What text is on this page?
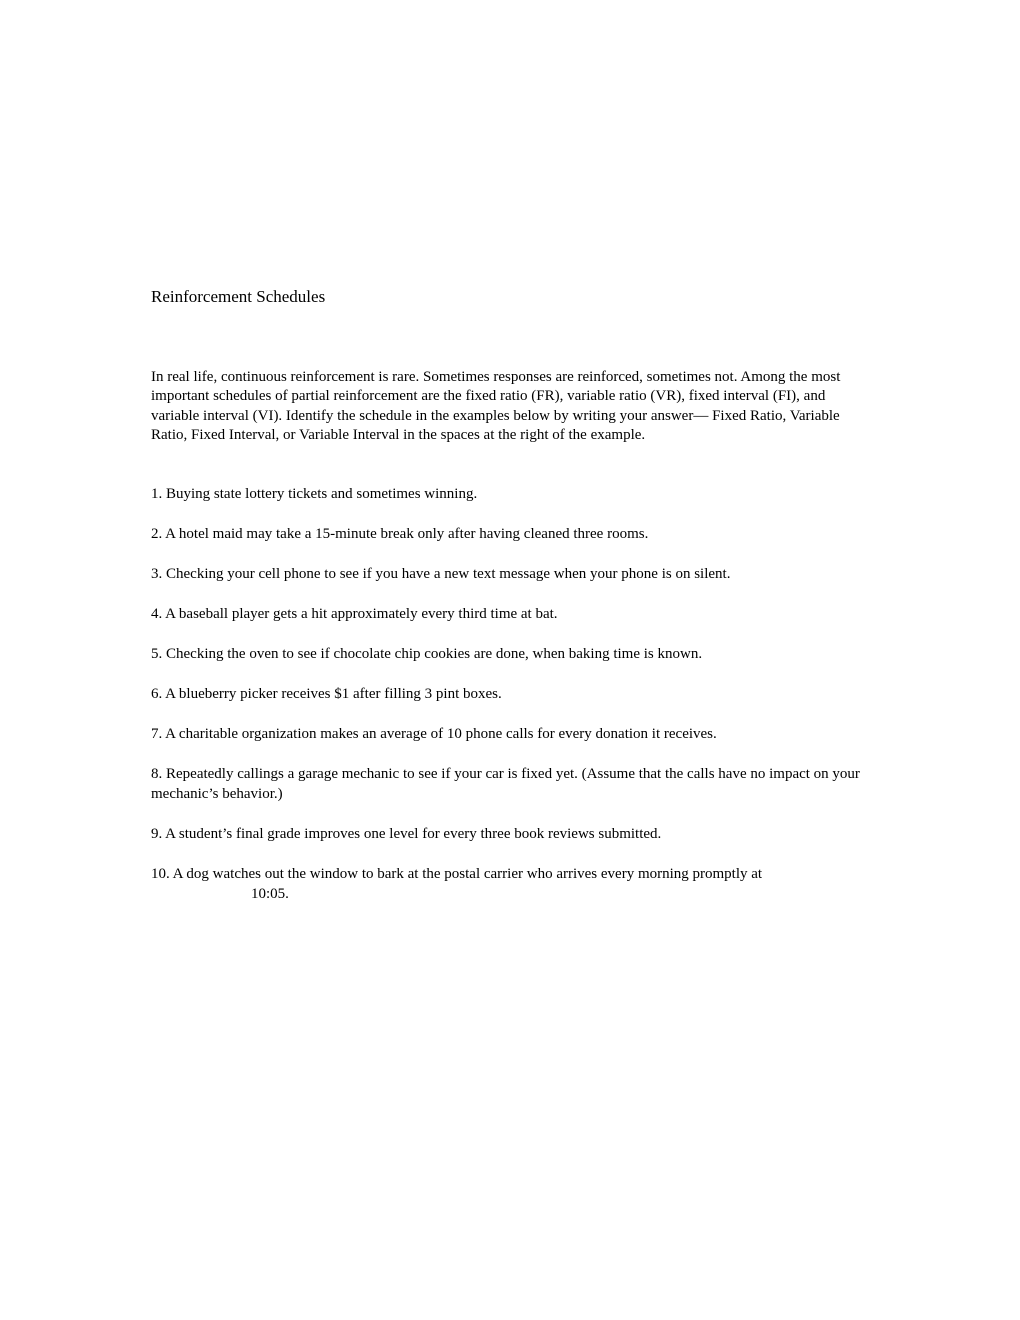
Reinforcement Schedules

In real life, continuous reinforcement is rare. Sometimes responses are reinforced, sometimes not. Among the most important schedules of partial reinforcement are the fixed ratio (FR), variable ratio (VR), fixed interval (FI), and variable interval (VI). Identify the schedule in the examples below by writing your answer— Fixed Ratio, Variable Ratio, Fixed Interval, or Variable Interval in the spaces at the right of the example.

1. Buying state lottery tickets and sometimes winning.
2. A hotel maid may take a 15-minute break only after having cleaned three rooms.
3. Checking your cell phone to see if you have a new text message when your phone is on silent.
4. A baseball player gets a hit approximately every third time at bat.
5. Checking the oven to see if chocolate chip cookies are done, when baking time is known.
6. A blueberry picker receives $1 after filling 3 pint boxes.
7. A charitable organization makes an average of 10 phone calls for every donation it receives.
8. Repeatedly callings a garage mechanic to see if your car is fixed yet. (Assume that the calls have no impact on your mechanic’s behavior.)
9. A student’s final grade improves one level for every three book reviews submitted.
10. A dog watches out the window to bark at the postal carrier who arrives every morning promptly at
10:05.
